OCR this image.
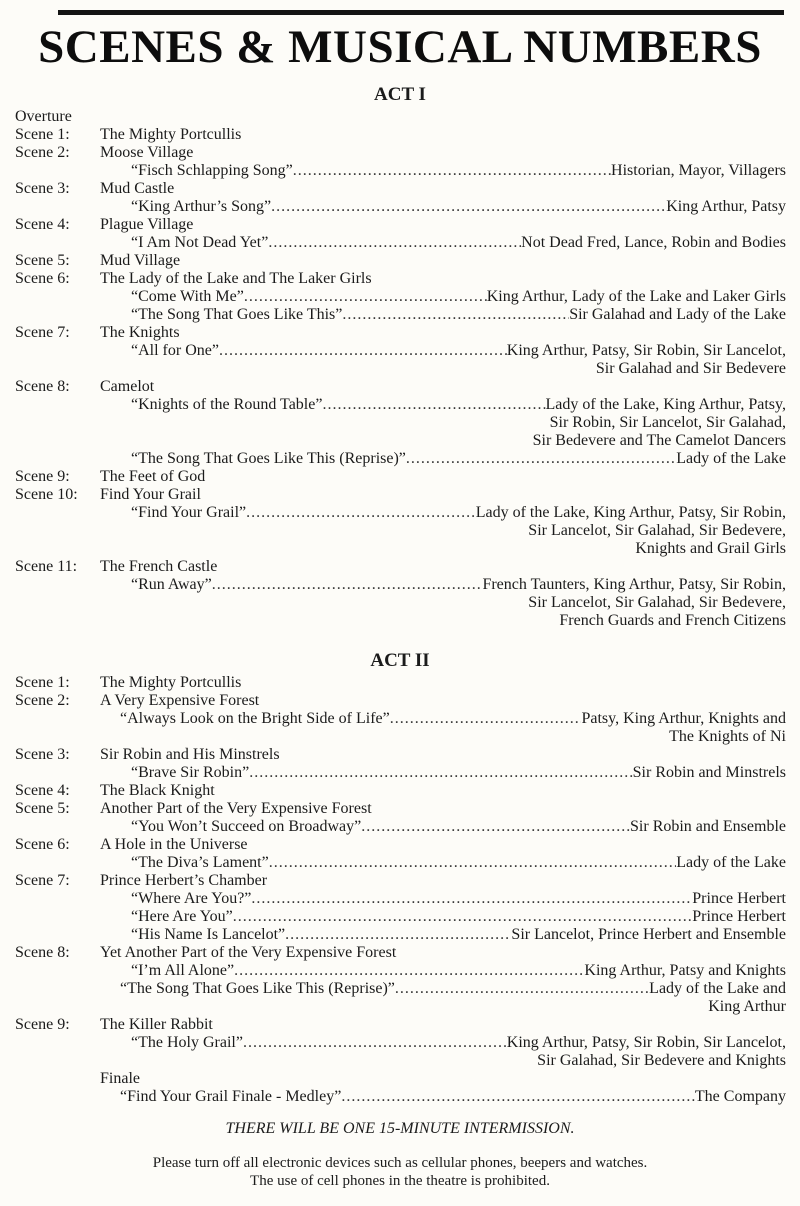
SCENES & MUSICAL NUMBERS
ACT I
Overture
Scene 1: The Mighty Portcullis
Scene 2: Moose Village
“Fisch Schlapping Song” .....	Historian, Mayor, Villagers
Scene 3: Mud Castle
“King Arthur’s Song” .....	King Arthur, Patsy
Scene 4: Plague Village
“I Am Not Dead Yet” .....	Not Dead Fred, Lance, Robin and Bodies
Scene 5: Mud Village
Scene 6: The Lady of the Lake and The Laker Girls
“Come With Me” .....	King Arthur, Lady of the Lake and Laker Girls
“The Song That Goes Like This” .....	Sir Galahad and Lady of the Lake
Scene 7: The Knights
“All for One” .....	King Arthur, Patsy, Sir Robin, Sir Lancelot,
Sir Galahad and Sir Bedevere
Scene 8: Camelot
“Knights of the Round Table” .....	Lady of the Lake, King Arthur, Patsy,
Sir Robin, Sir Lancelot, Sir Galahad,
Sir Bedevere and The Camelot Dancers
“The Song That Goes Like This (Reprise)” .....	Lady of the Lake
Scene 9: The Feet of God
Scene 10: Find Your Grail
“Find Your Grail” .....	Lady of the Lake, King Arthur, Patsy, Sir Robin,
Sir Lancelot, Sir Galahad, Sir Bedevere,
Knights and Grail Girls
Scene 11: The French Castle
“Run Away” .....	French Taunters, King Arthur, Patsy, Sir Robin,
Sir Lancelot, Sir Galahad, Sir Bedevere,
French Guards and French Citizens
ACT II
Scene 1: The Mighty Portcullis
Scene 2: A Very Expensive Forest
“Always Look on the Bright Side of Life” .....	Patsy, King Arthur, Knights and
The Knights of Ni
Scene 3: Sir Robin and His Minstrels
“Brave Sir Robin” .....	Sir Robin and Minstrels
Scene 4: The Black Knight
Scene 5: Another Part of the Very Expensive Forest
“You Won’t Succeed on Broadway” .....	Sir Robin and Ensemble
Scene 6: A Hole in the Universe
“The Diva’s Lament” .....	Lady of the Lake
Scene 7: Prince Herbert’s Chamber
“Where Are You?” .....	Prince Herbert
“Here Are You” .....	Prince Herbert
“His Name Is Lancelot” .....	Sir Lancelot, Prince Herbert and Ensemble
Scene 8: Yet Another Part of the Very Expensive Forest
“I’m All Alone” .....	King Arthur, Patsy and Knights
“The Song That Goes Like This (Reprise)” .....	Lady of the Lake and
King Arthur
Scene 9: The Killer Rabbit
“The Holy Grail” .....	King Arthur, Patsy, Sir Robin, Sir Lancelot,
Sir Galahad, Sir Bedevere and Knights
Finale
“Find Your Grail Finale - Medley” .....	The Company
THERE WILL BE ONE 15-MINUTE INTERMISSION.
Please turn off all electronic devices such as cellular phones, beepers and watches.
The use of cell phones in the theatre is prohibited.
